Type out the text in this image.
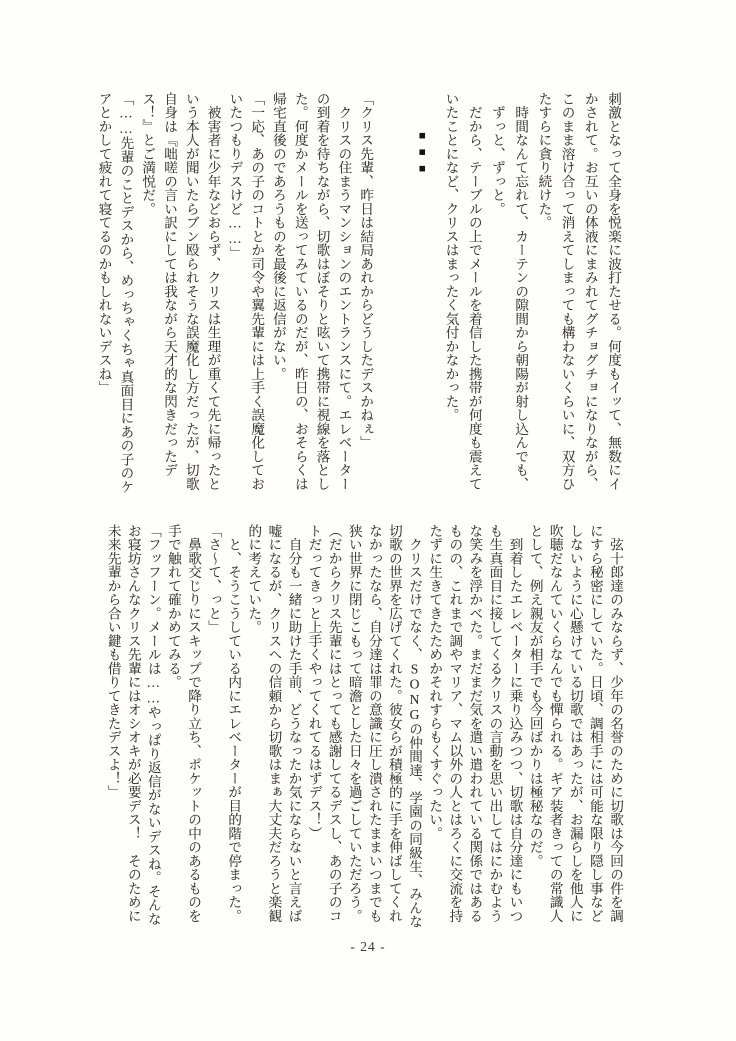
刺激となって全身を悦楽に波打たせる。何度もイッて、無数にイ
かされて。お互いの体液にまみれてグチョグチョになりながら、
このまま溶け合って消えてしまっても構わないくらいに、双方ひ
たすらに貪り続けた。
　時間なんて忘れて、カーテンの隙間から朝陽が射し込んでも、
　ずっと、ずっと。
　だから、テーブルの上でメールを着信した携帯が何度も震えて
いたことになど、クリスはまったく気付かなかった。
■■■
「クリス先輩、昨日は結局あれからどうしたデスかねぇ」
　クリスの住まうマンションのエントランスにて。エレベーター
の到着を待ちながら、切歌はぼそりと呟いて携帯に視線を落とし
た。何度かメールを送ってみているのだが、昨日の、おそらくは
帰宅直後のであろうものを最後に返信がない。
「一応、あの子のコトとか司令や翼先輩には上手く誤魔化してお
いたつもりデスけど……」
　被害者に少年などおらず、クリスは生理が重くて先に帰ったと
いう本人が聞いたらブン殴られそうな誤魔化し方だったが、切歌
自身は『咄嗟の言い訳にしては我ながら天才的な閃きだったデ
ス！』とご満悦だ。
「……先輩のことデスから、めっちゃくちゃ真面目にあの子のケ
アとかして疲れて寝てるのかもしれないデスね」
　弦十郎達のみならず、少年の名誉のために切歌は今回の件を調
にすら秘密にしていた。日頃、調相手には可能な限り隠し事など
しないように心懸けている切歌ではあったが、お漏らしを他人に
吹聴だなんていくらなんでも憚られる。ギア装者きっての常識人
として、例え親友が相手でも今回ばかりは極秘なのだ。
　到着したエレベーターに乗り込みつつ、切歌は自分達にもいつ
も生真面目に接してくるクリスの言動を思い出してはにかむよう
な笑みを浮かべた。まだまだ気を遣い遣われている関係ではある
ものの、これまで調やマリア、マム以外の人とはろくに交流を持
たずに生きてきたためかそれすらもくすぐったい。
　クリスだけでなく、SONGの仲間達、学園の同級生、みんな
切歌の世界を広げてくれた。彼女らが積極的に手を伸ばしてくれ
なかったなら、自分達は罪の意識に圧し潰されたままいつまでも
狭い世界に閉じこもって暗澹とした日々を過ごしていただろう。
（だからクリス先輩にはとっても感謝してるデスし、あの子のコ
トだってきっと上手くやってくれてるはずデス！）
　自分も一緒に助けた手前、どうなったか気にならないと言えば
嘘になるが、クリスへの信頼から切歌はまぁ大丈夫だろうと楽観
的に考えていた。
　と、そうこうしている内にエレベーターが目的階で停まった。
「さ〜て、っと」
　鼻歌交じりにスキップで降り立ち、ポケットの中のあるものを
手で触れて確かめてみる。
「フッフーン。メールは……やっぱり返信がないデスね。そんな
お寝坊さんなクリス先輩にはオシオキが必要デス！　そのために
未来先輩から合い鍵も借りてきたデスよ！」
- 24 -
